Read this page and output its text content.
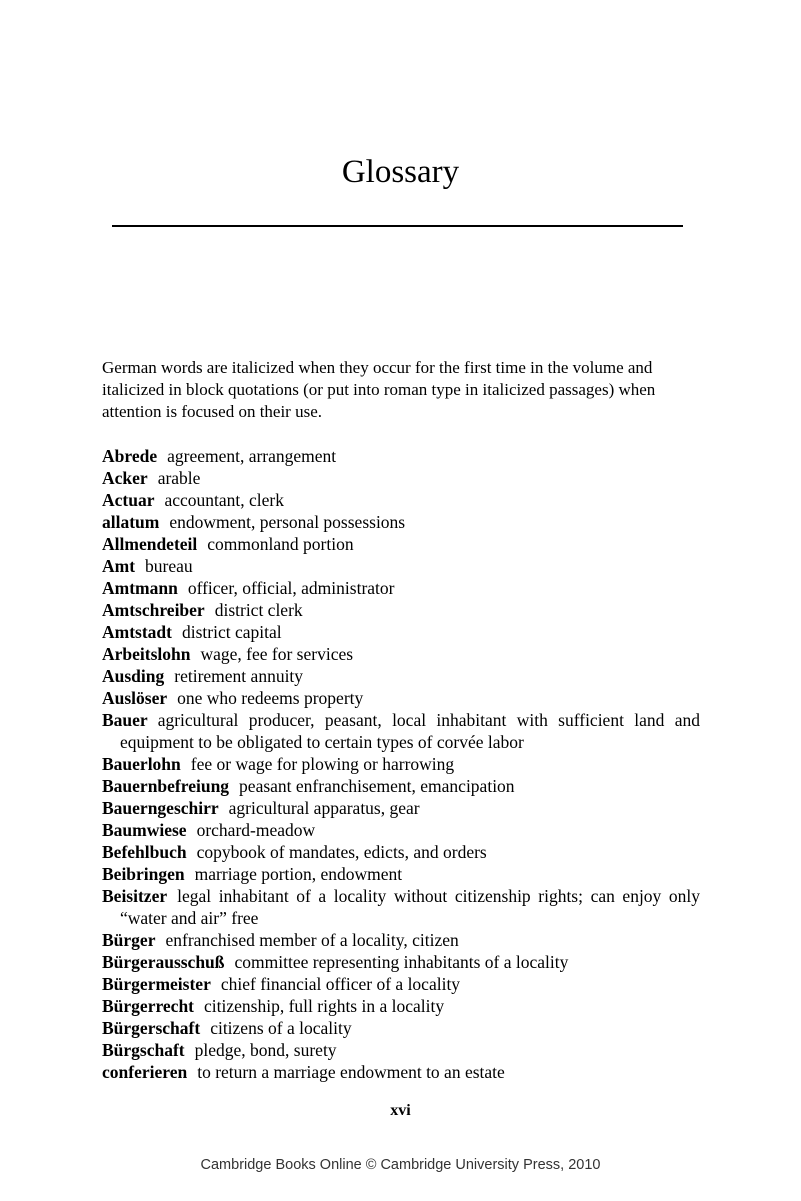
Glossary

German words are italicized when they occur for the first time in the volume and italicized in block quotations (or put into roman type in italicized passages) when attention is focused on their use.

Abrede agreement, arrangement
Acker arable
Actuar accountant, clerk
allatum endowment, personal possessions
Allmendeteil commonland portion
Amt bureau
Amtmann officer, official, administrator
Amtschreiber district clerk
Amtstadt district capital
Arbeitslohn wage, fee for services
Ausding retirement annuity
Auslöser one who redeems property
Bauer agricultural producer, peasant, local inhabitant with sufficient land and equipment to be obligated to certain types of corvée labor
Bauerlohn fee or wage for plowing or harrowing
Bauernbefreiung peasant enfranchisement, emancipation
Bauerngeschirr agricultural apparatus, gear
Baumwiese orchard-meadow
Befehlbuch copybook of mandates, edicts, and orders
Beibringen marriage portion, endowment
Beisitzer legal inhabitant of a locality without citizenship rights; can enjoy only “water and air” free
Bürger enfranchised member of a locality, citizen
Bürgerausschuß committee representing inhabitants of a locality
Bürgermeister chief financial officer of a locality
Bürgerrecht citizenship, full rights in a locality
Bürgerschaft citizens of a locality
Bürgschaft pledge, bond, surety
conferieren to return a marriage endowment to an estate
xvi
Cambridge Books Online © Cambridge University Press, 2010
